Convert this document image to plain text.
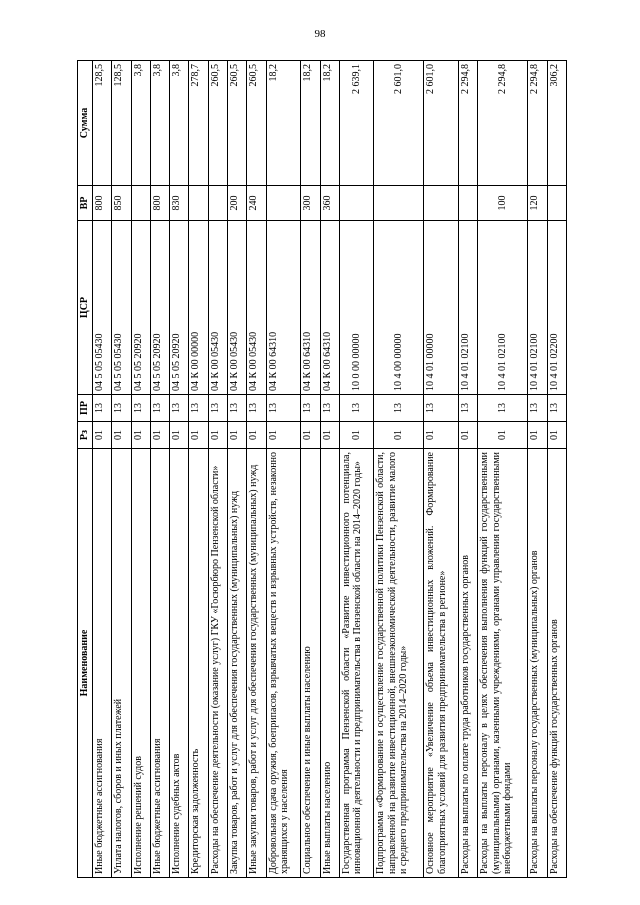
98
Наименование	Рз	ПР	ЦСР	ВР	Сумма
Иные бюджетные ассигнования	01	13	04 5 05 05430	800	128,5
Уплата налогов, сборов и иных платежей	01	13	04 5 05 05430	850	128,5
Исполнение решений судов	01	13	04 5 05 20920		3,8
Иные бюджетные ассигнования	01	13	04 5 05 20920	800	3,8
Исполнение судебных актов	01	13	04 5 05 20920	830	3,8
Кредиторская задолженность	01	13	04 К 00 00000		278,7
Расходы на обеспечение деятельности (оказание услуг) ГКУ «Госюрбюро Пензенской области»	01	13	04 К 00 05430		260,5
Закупка товаров, работ и услуг для обеспечения государственных (муниципальных) нужд	01	13	04 К 00 05430	200	260,5
Иные закупки товаров, работ и услуг для обеспечения государственных (муниципальных) нужд	01	13	04 К 00 05430	240	260,5
Добровольная сдача оружия, боеприпасов, взрывчатых веществ и взрывных устройств, незаконно хранящихся у населения	01	13	04 К 00 64310		18,2
Социальное обеспечение и иные выплаты населению	01	13	04 К 00 64310	300	18,2
Иные выплаты населению	01	13	04 К 00 64310	360	18,2
Государственная программа Пензенской области «Развитие инвестиционного потенциала, инновационной деятельности и предпринимательства в Пензенской области на 2014–2020 годы»	01	13	10 0 00 00000		2 639,1
Подпрограмма «Формирование и осуществление государственной политики Пензенской области, направленной на развитие инвестиционной, внешнеэкономической деятельности, развитие малого и среднего предпринимательства на 2014–2020 годы»	01	13	10 4 00 00000		2 601,0
Основное мероприятие «Увеличение объема инвестиционных вложений. Формирование благоприятных условий для развития предпринимательства в регионе»	01	13	10 4 01 00000		2 601,0
Расходы на выплаты по оплате труда работников государственных органов	01	13	10 4 01 02100		2 294,8
Расходы на выплаты персоналу в целях обеспечения выполнения функций государственными (муниципальными) органами, казенными учреждениями, органами управления государственными внебюджетными фондами	01	13	10 4 01 02100	100	2 294,8
Расходы на выплаты персоналу государственных (муниципальных) органов	01	13	10 4 01 02100	120	2 294,8
Расходы на обеспечение функций государственных органов	01	13	10 4 01 02200		306,2
